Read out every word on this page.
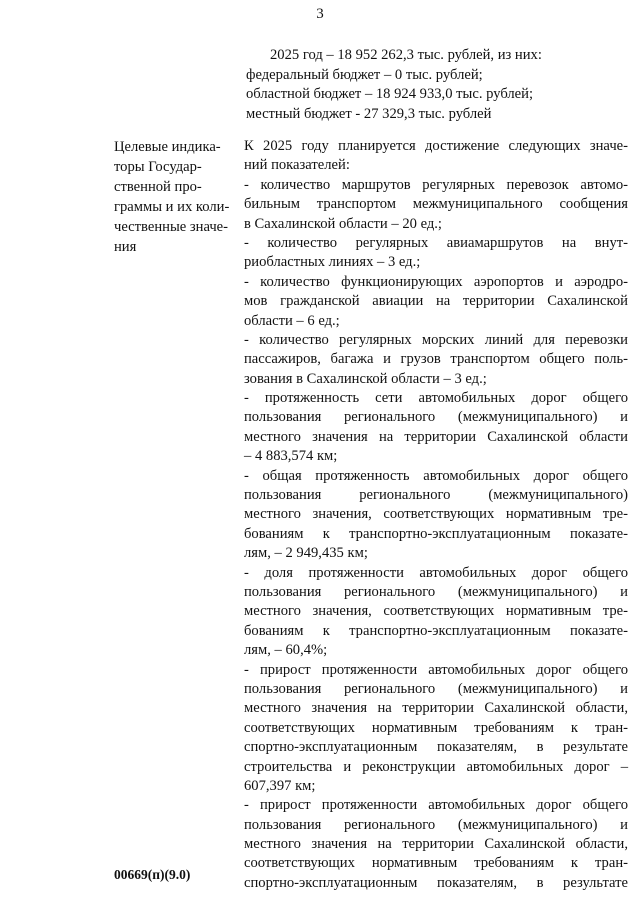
3
2025 год – 18 952 262,3 тыс. рублей, из них:
федеральный бюджет – 0 тыс. рублей;
областной бюджет – 18 924 933,0 тыс. рублей;
местный бюджет - 27 329,3 тыс. рублей
Целевые индика-
торы Государ-
ственной про-
граммы и их коли-
чественные значе-
ния
К 2025 году планируется достижение следующих значе-
ний показателей:
- количество маршрутов регулярных перевозок автомо-
бильным транспортом межмуниципального сообщения
в Сахалинской области – 20 ед.;
- количество регулярных авиамаршрутов на внут-
риобластных линиях – 3 ед.;
- количество функционирующих аэропортов и аэродро-
мов гражданской авиации на территории Сахалинской
области – 6 ед.;
- количество регулярных морских линий для перевозки
пассажиров, багажа и грузов транспортом общего поль-
зования в Сахалинской области – 3 ед.;
- протяженность сети автомобильных дорог общего
пользования регионального (межмуниципального) и
местного значения на территории Сахалинской области
– 4 883,574 км;
- общая протяженность автомобильных дорог общего
пользования регионального (межмуниципального)
местного значения, соответствующих нормативным тре-
бованиям к транспортно-эксплуатационным показате-
лям, – 2 949,435 км;
- доля протяженности автомобильных дорог общего
пользования регионального (межмуниципального) и
местного значения, соответствующих нормативным тре-
бованиям к транспортно-эксплуатационным показате-
лям, – 60,4%;
- прирост протяженности автомобильных дорог общего
пользования регионального (межмуниципального) и
местного значения на территории Сахалинской области,
соответствующих нормативным требованиям к тран-
спортно-эксплуатационным показателям, в результате
строительства и реконструкции автомобильных дорог –
607,397 км;
- прирост протяженности автомобильных дорог общего
пользования регионального (межмуниципального) и
местного значения на территории Сахалинской области,
соответствующих нормативным требованиям к тран-
спортно-эксплуатационным показателям, в результате
00669(п)(9.0)
